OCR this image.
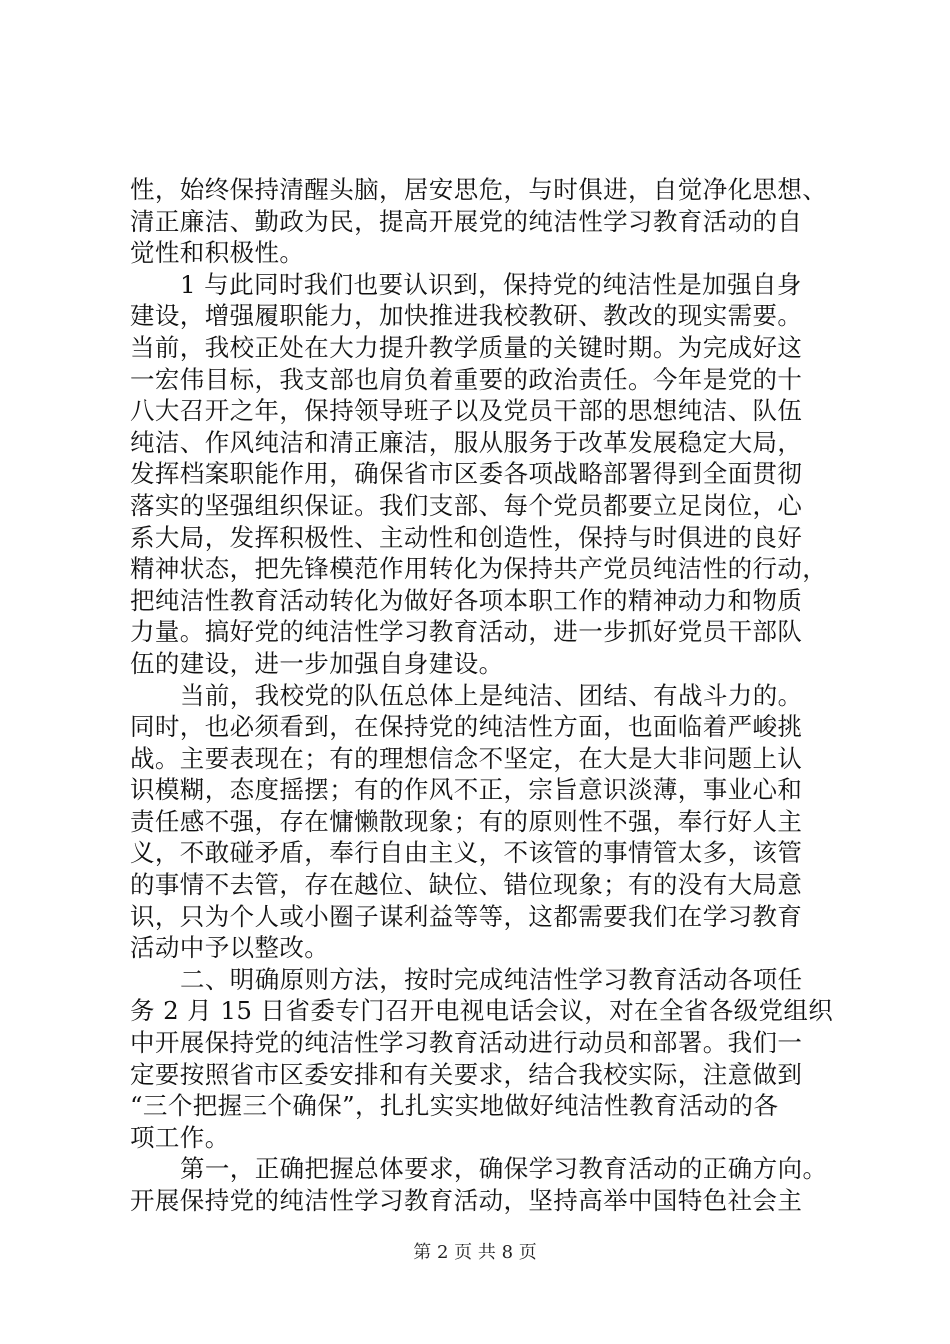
性，始终保持清醒头脑，居安思危，与时俱进，自觉净化思想、
清正廉洁、勤政为民，提高开展党的纯洁性学习教育活动的自
觉性和积极性。
1 与此同时我们也要认识到，保持党的纯洁性是加强自身
建设，增强履职能力，加快推进我校教研、教改的现实需要。
当前，我校正处在大力提升教学质量的关键时期。为完成好这
一宏伟目标，我支部也肩负着重要的政治责任。今年是党的十
八大召开之年，保持领导班子以及党员干部的思想纯洁、队伍
纯洁、作风纯洁和清正廉洁，服从服务于改革发展稳定大局，
发挥档案职能作用，确保省市区委各项战略部署得到全面贯彻
落实的坚强组织保证。我们支部、每个党员都要立足岗位，心
系大局，发挥积极性、主动性和创造性，保持与时俱进的良好
精神状态，把先锋模范作用转化为保持共产党员纯洁性的行动，
把纯洁性教育活动转化为做好各项本职工作的精神动力和物质
力量。搞好党的纯洁性学习教育活动，进一步抓好党员干部队
伍的建设，进一步加强自身建设。
当前，我校党的队伍总体上是纯洁、团结、有战斗力的。
同时，也必须看到，在保持党的纯洁性方面，也面临着严峻挑
战。主要表现在；有的理想信念不坚定，在大是大非问题上认
识模糊，态度摇摆；有的作风不正，宗旨意识淡薄，事业心和
责任感不强，存在慵懒散现象；有的原则性不强，奉行好人主
义，不敢碰矛盾，奉行自由主义，不该管的事情管太多，该管
的事情不去管，存在越位、缺位、错位现象；有的没有大局意
识，只为个人或小圈子谋利益等等，这都需要我们在学习教育
活动中予以整改。
二、明确原则方法，按时完成纯洁性学习教育活动各项任
务 2 月 15 日省委专门召开电视电话会议，对在全省各级党组织
中开展保持党的纯洁性学习教育活动进行动员和部署。我们一
定要按照省市区委安排和有关要求，结合我校实际，注意做到
“三个把握三个确保”，扎扎实实地做好纯洁性教育活动的各
项工作。
第一，正确把握总体要求，确保学习教育活动的正确方向。
开展保持党的纯洁性学习教育活动，坚持高举中国特色社会主
第 2 页 共 8 页
